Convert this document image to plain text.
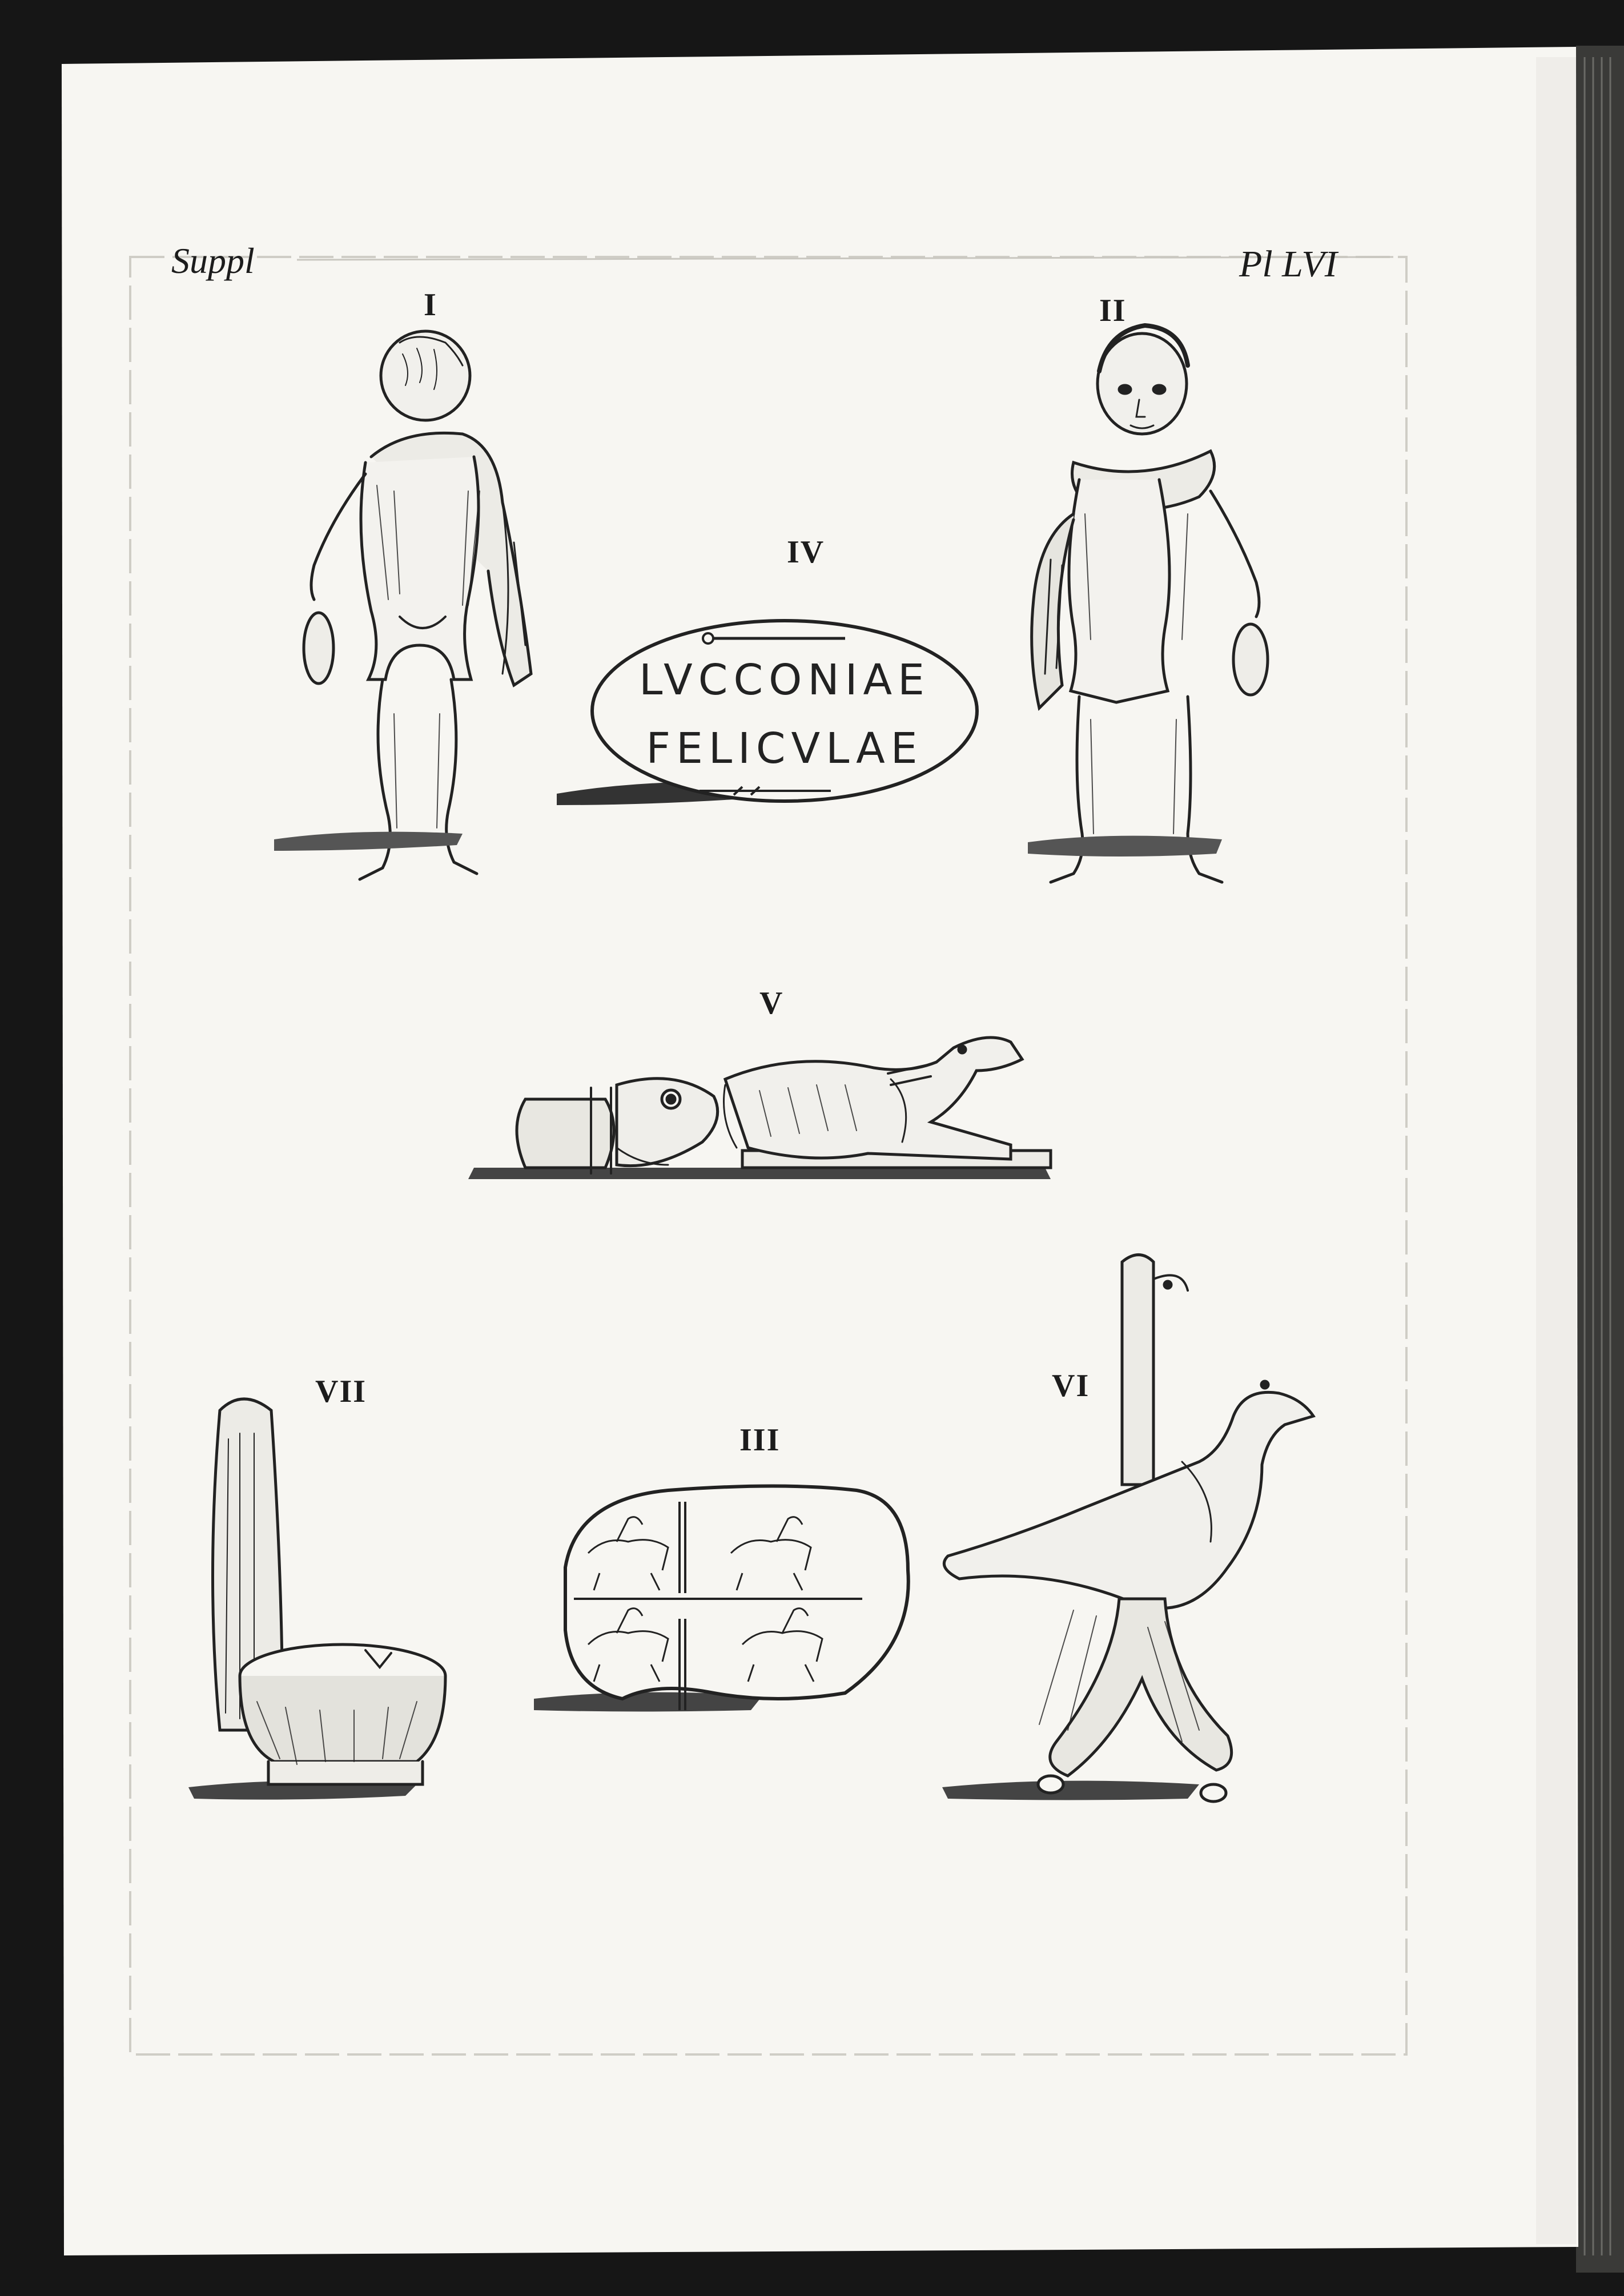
Suppl	Pl LVI
I	II
IV
V
VII
III
VI
LVCCONIAE
FELICVLAE
